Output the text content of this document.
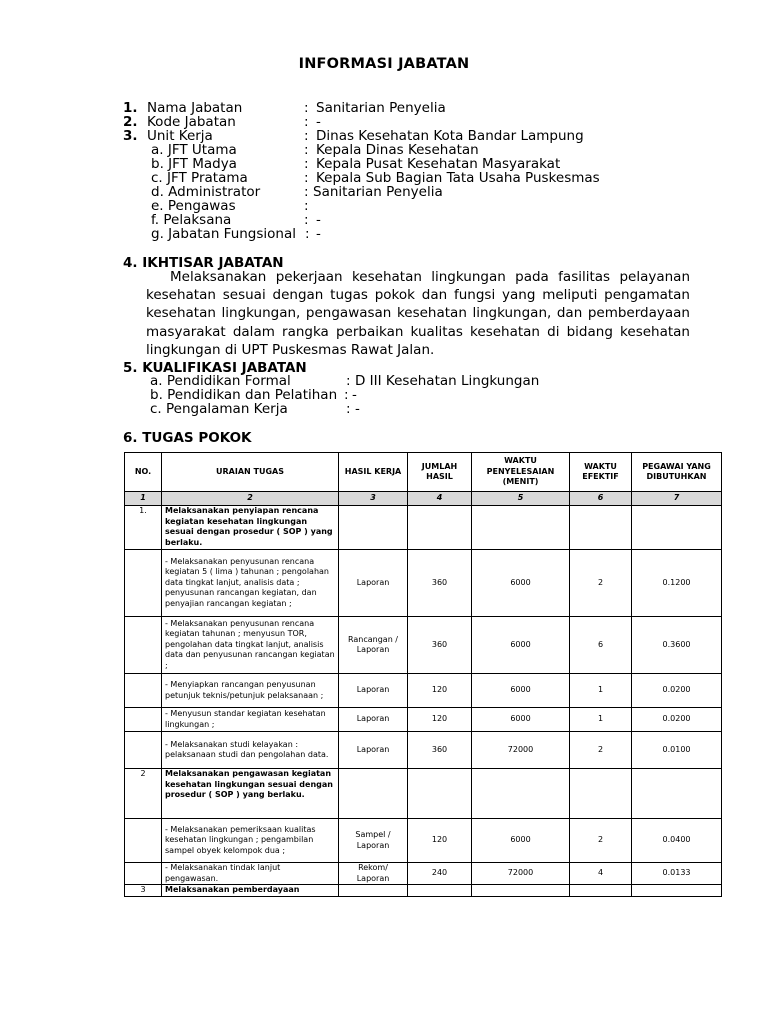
INFORMASI JABATAN
1. Nama Jabatan	: Sanitarian Penyelia
2. Kode Jabatan	: -
3. Unit Kerja	: Dinas Kesehatan Kota Bandar Lampung
a. JFT Utama	: Kepala Dinas Kesehatan
b. JFT Madya	: Kepala Pusat Kesehatan Masyarakat
c. JFT Pratama	: Kepala Sub Bagian Tata Usaha Puskesmas
d. Administrator	: Sanitarian Penyelia
e. Pengawas	:
f. Pelaksana	: -
g. Jabatan Fungsional : -
4. IKHTISAR JABATAN
Melaksanakan pekerjaan kesehatan lingkungan pada fasilitas pelayanan
kesehatan sesuai dengan tugas pokok dan fungsi yang meliputi pengamatan
kesehatan lingkungan, pengawasan kesehatan lingkungan, dan pemberdayaan
masyarakat dalam rangka perbaikan kualitas kesehatan di bidang kesehatan
lingkungan di UPT Puskesmas Rawat Jalan.
5. KUALIFIKASI JABATAN
a. Pendidikan Formal	: D III Kesehatan Lingkungan
b. Pendidikan dan Pelatihan : -
c. Pengalaman Kerja	: -
6. TUGAS POKOK
NO.	URAIAN TUGAS	HASIL KERJA	JUMLAH HASIL	WAKTU PENYELESAIAN (MENIT)	WAKTU EFEKTIF	PEGAWAI YANG DIBUTUHKAN
1	2	3	4	5	6	7
1.	Melaksanakan penyiapan rencana kegiatan kesehatan lingkungan sesuai dengan prosedur ( SOP ) yang berlaku.					
	- Melaksanakan penyusunan rencana kegiatan 5 ( lima ) tahunan ; pengolahan data tingkat lanjut, analisis data ; penyusunan rancangan kegiatan, dan penyajian rancangan kegiatan ;	Laporan	360	6000	2	0.1200
	- Melaksanakan penyusunan rencana kegiatan tahunan ; menyusun TOR, pengolahan data tingkat lanjut, analisis data dan penyusunan rancangan kegiatan ;	Rancangan / Laporan	360	6000	6	0.3600
	- Menyiapkan rancangan penyusunan petunjuk teknis/petunjuk pelaksanaan ;	Laporan	120	6000	1	0.0200
	- Menyusun standar kegiatan kesehatan lingkungan ;	Laporan	120	6000	1	0.0200
	- Melaksanakan studi kelayakan : pelaksanaan studi dan pengolahan data.	Laporan	360	72000	2	0.0100
2	Melaksanakan pengawasan kegiatan kesehatan lingkungan sesuai dengan prosedur ( SOP ) yang berlaku.					
	- Melaksanakan pemeriksaan kualitas kesehatan lingkungan ; pengambilan sampel obyek kelompok dua ;	Sampel / Laporan	120	6000	2	0.0400
	- Melaksanakan tindak lanjut pengawasan.	Rekom/ Laporan	240	72000	4	0.0133
3	Melaksanakan pemberdayaan					
